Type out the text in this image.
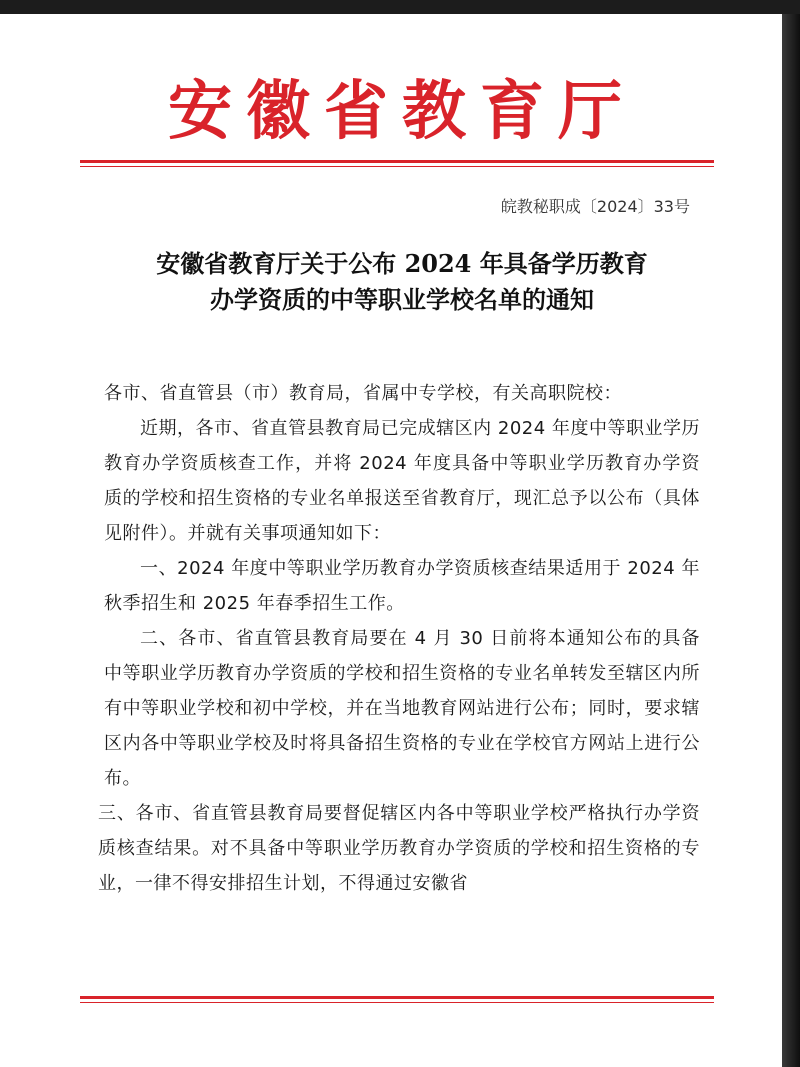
安徽省教育厅
皖教秘职成〔2024〕33号
安徽省教育厅关于公布 2024 年具备学历教育
办学资质的中等职业学校名单的通知

各市、省直管县（市）教育局，省属中专学校，有关高职院校：

近期，各市、省直管县教育局已完成辖区内 2024 年度中等职业学历教育办学资质核查工作，并将 2024 年度具备中等职业学历教育办学资质的学校和招生资格的专业名单报送至省教育厅，现汇总予以公布（具体见附件）。并就有关事项通知如下：

一、2024 年度中等职业学历教育办学资质核查结果适用于 2024 年秋季招生和 2025 年春季招生工作。

二、各市、省直管县教育局要在 4 月 30 日前将本通知公布的具备中等职业学历教育办学资质的学校和招生资格的专业名单转发至辖区内所有中等职业学校和初中学校，并在当地教育网站进行公布；同时，要求辖区内各中等职业学校及时将具备招生资格的专业在学校官方网站上进行公布。

三、各市、省直管县教育局要督促辖区内各中等职业学校严格执行办学资质核查结果。对不具备中等职业学历教育办学资质的学校和招生资格的专业，一律不得安排招生计划，不得通过安徽省
